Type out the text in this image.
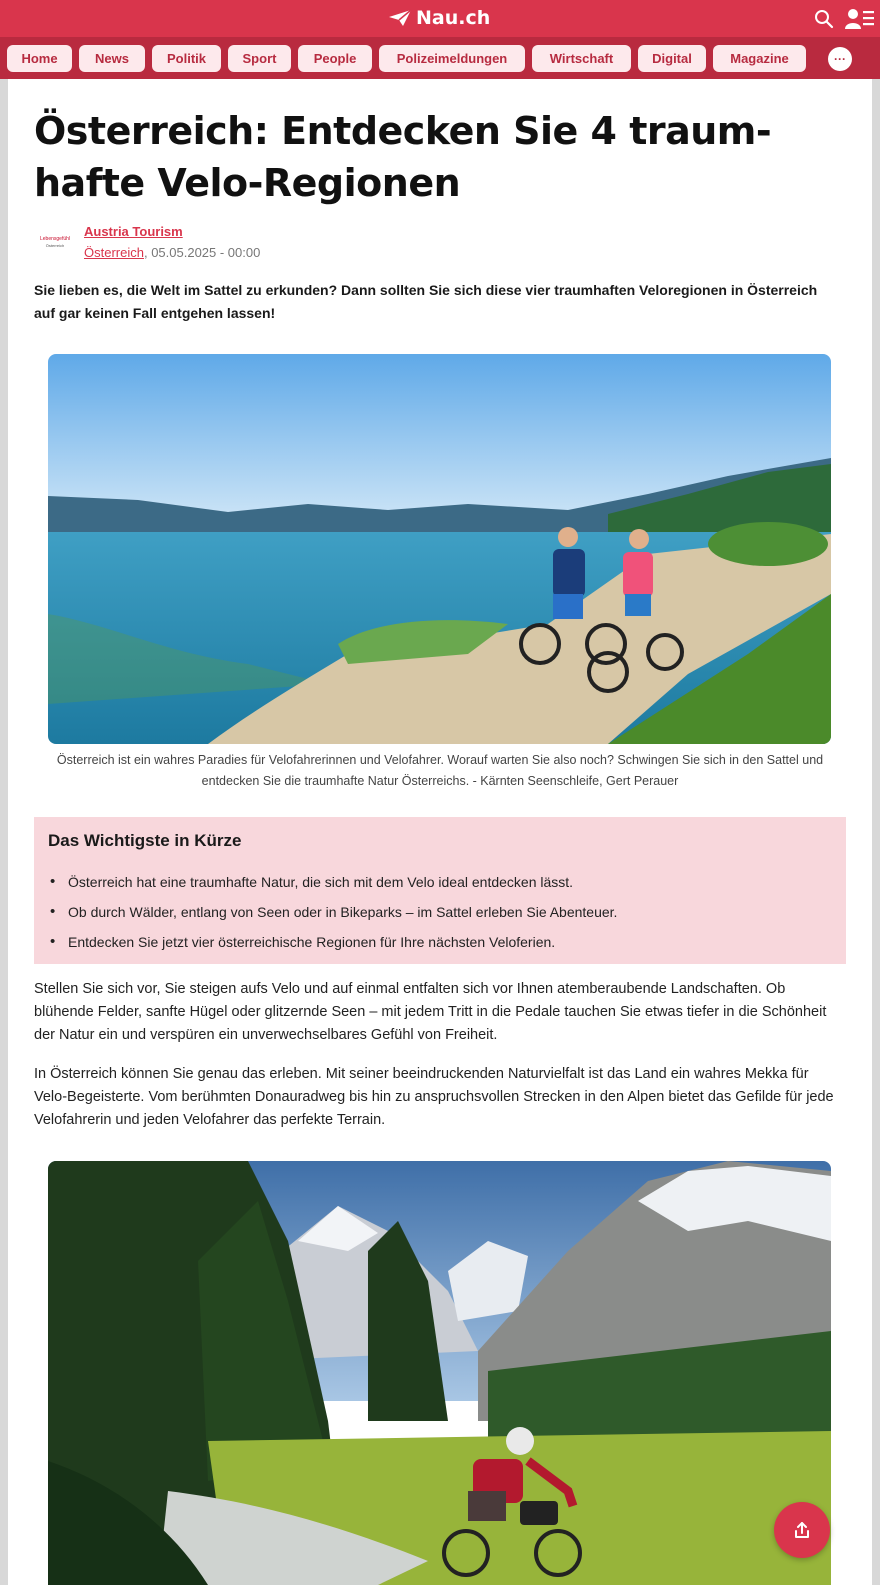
Nau.ch
Home	News	Politik	Sport	People	Polizeimeldungen	Wirtschaft	Digital	Magazine	···
Österreich: Entdecken Sie 4 traumhafte Velo-Regionen
Lebensgefühl
Österreich
Austria Tourism
Österreich, 05.05.2025 - 00:00

Sie lieben es, die Welt im Sattel zu erkunden? Dann sollten Sie sich diese vier traumhaften Veloregionen in Österreich auf gar keinen Fall entgehen lassen!

Österreich ist ein wahres Paradies für Velofahrerinnen und Velofahrer. Worauf warten Sie also noch? Schwingen Sie sich in den Sattel und entdecken Sie die traumhafte Natur Österreichs. - Kärnten Seenschleife, Gert Perauer

Das Wichtigste in Kürze
• Österreich hat eine traumhafte Natur, die sich mit dem Velo ideal entdecken lässt.
• Ob durch Wälder, entlang von Seen oder in Bikeparks – im Sattel erleben Sie Abenteuer.
• Entdecken Sie jetzt vier österreichische Regionen für Ihre nächsten Veloferien.

Stellen Sie sich vor, Sie steigen aufs Velo und auf einmal entfalten sich vor Ihnen atemberaubende Landschaften. Ob blühende Felder, sanfte Hügel oder glitzernde Seen – mit jedem Tritt in die Pedale tauchen Sie etwas tiefer in die Schönheit der Natur ein und verspüren ein unverwechselbares Gefühl von Freiheit.

In Österreich können Sie genau das erleben. Mit seiner beeindruckenden Naturvielfalt ist das Land ein wahres Mekka für Velo-Begeisterte. Vom berühmten Donauradweg bis hin zu anspruchsvollen Strecken in den Alpen bietet das Gefilde für jede Velofahrerin und jeden Velofahrer das perfekte Terrain.
